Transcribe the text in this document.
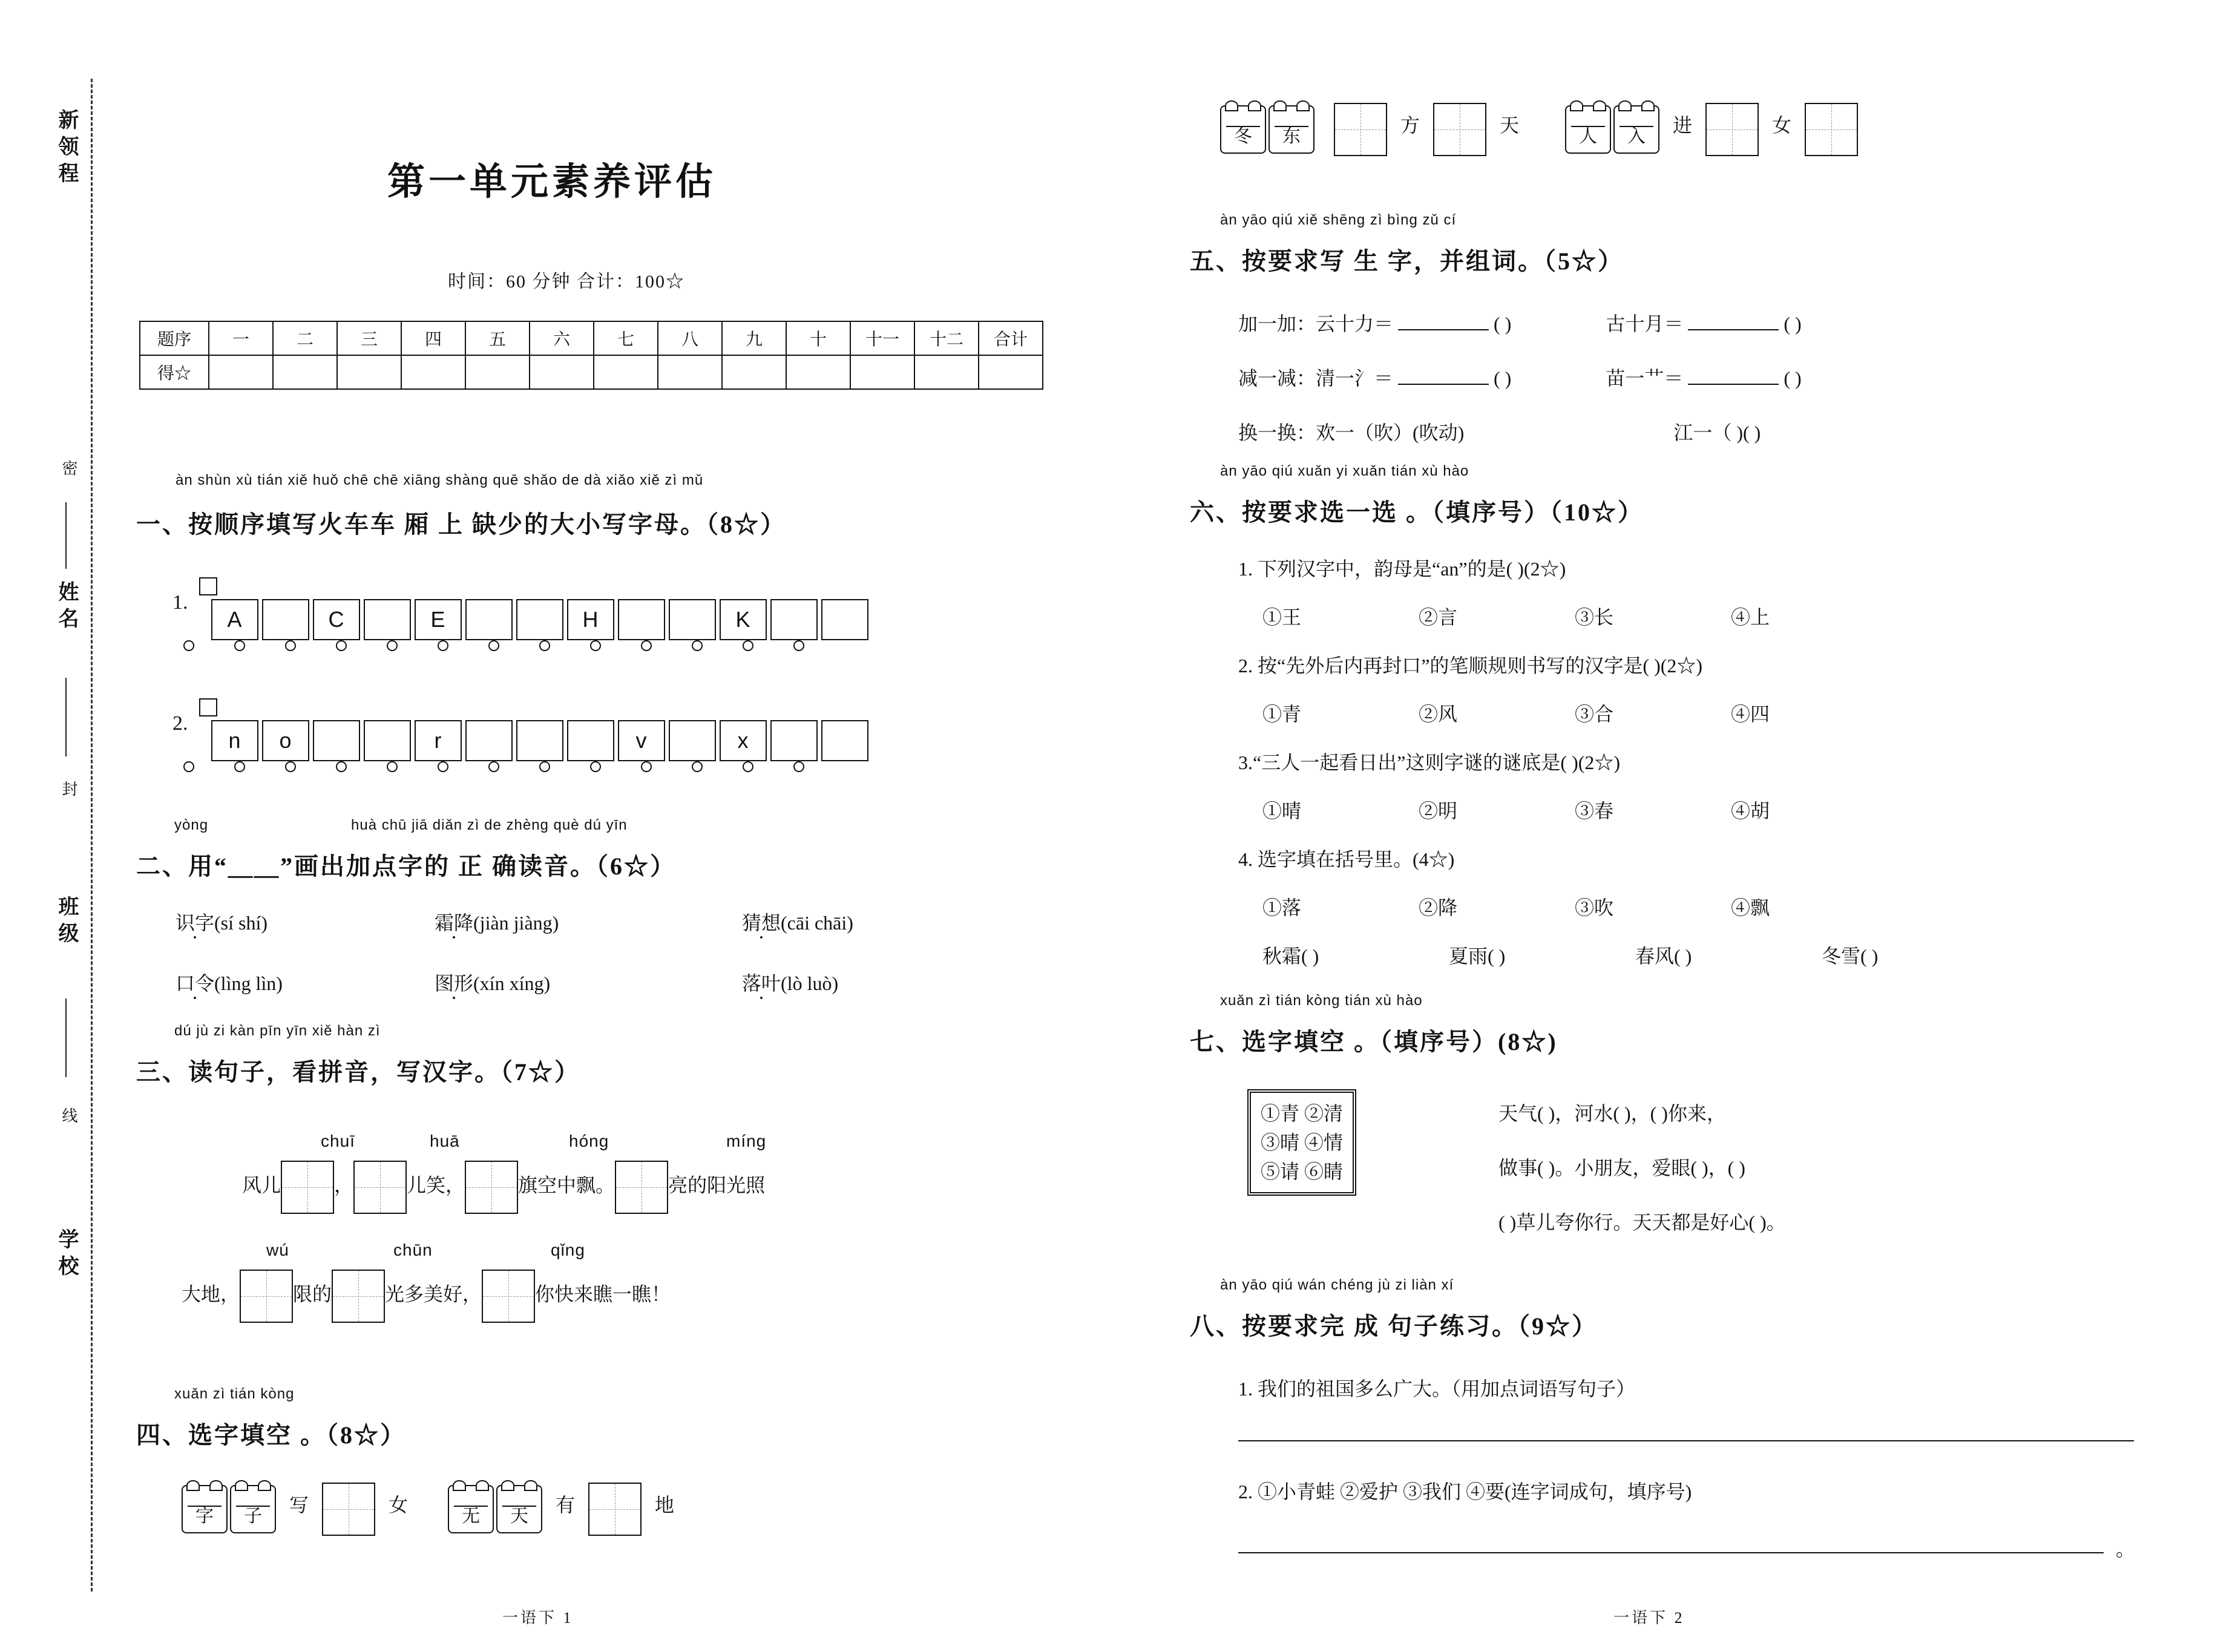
新领程
密
姓名
封
班级
线
学校
第一单元素养评估
时间：60 分钟 合计：100☆
题序	一	二	三	四	五	六	七	八	九	十	十一	十二	合计
得☆													
àn shùn xù tián xiě huǒ chē chē xiāng shàng quē shǎo de dà xiǎo xiě zì mǔ
一、按顺序填写火车车 厢 上 缺少的大小写字母。（8☆）
1.  A	C	E	H	K
2.  n o	r	v	x
yòng	huà chū jiā diǎn zì de zhèng què dú yīn
二、用“＿＿”画出加点字的 正 确读音。（6☆）
识字(sí shí)	霜降(jiàn jiàng)	猜想(cāi chāi)
口令(lìng lìn)	图形(xín xíng)	落叶(lò luò)
dú jù zi kàn pīn yīn xiě hàn zì
三、读句子，看拼音，写汉字。（7☆）
chuī	huā	hóng	míng
风儿	，	儿笑，	旗空中飘。	亮的阳光照
wú	chūn	qǐng
大地，	限的	光多美好，	你快来瞧一瞧！
xuǎn zì tián kòng
四、选字填空 。（8☆）
字 子 写	女
无 天 有	地
一语下 1
冬 东  方	天
人 入 进	女
àn yāo qiú xiě shēng zì bìng zǔ cí
五、按要求写 生 字，并组词。（5☆）
加一加：云十力＝	( )	古十月＝	( )
减一减：清一氵＝	( )	苗一艹＝	( )
换一换：欢一（吹）(吹动)	江一（ )( )
àn yāo qiú xuǎn yi xuǎn tián xù hào
六、按要求选一选 。（填序号）（10☆）
1. 下列汉字中，韵母是“an”的是( )(2☆)
①王	②言	③长	④上
2. 按“先外后内再封口”的笔顺规则书写的汉字是( )(2☆)
①青	②风	③合	④四
3.“三人一起看日出”这则字谜的谜底是( )(2☆)
①晴	②明	③春	④胡
4. 选字填在括号里。(4☆)
①落	②降	③吹	④飘
秋霜( )	夏雨( )	春风( )	冬雪( )
xuǎn zì tián kòng tián xù hào
七、选字填空 。（填序号）(8☆)
①青 ②清
③晴 ④情
⑤请 ⑥睛
天气( )，河水( )，( )你来，
做事( )。小朋友，爱眼( )，( )
( )草儿夸你行。天天都是好心( )。
àn yāo qiú wán chéng jù zi liàn xí
八、按要求完 成 句子练习。（9☆）
1. 我们的祖国多么广大。（用加点词语写句子）
2. ①小青蛙 ②爱护 ③我们 ④要(连字词成句，填序号)
。
一语下 2
